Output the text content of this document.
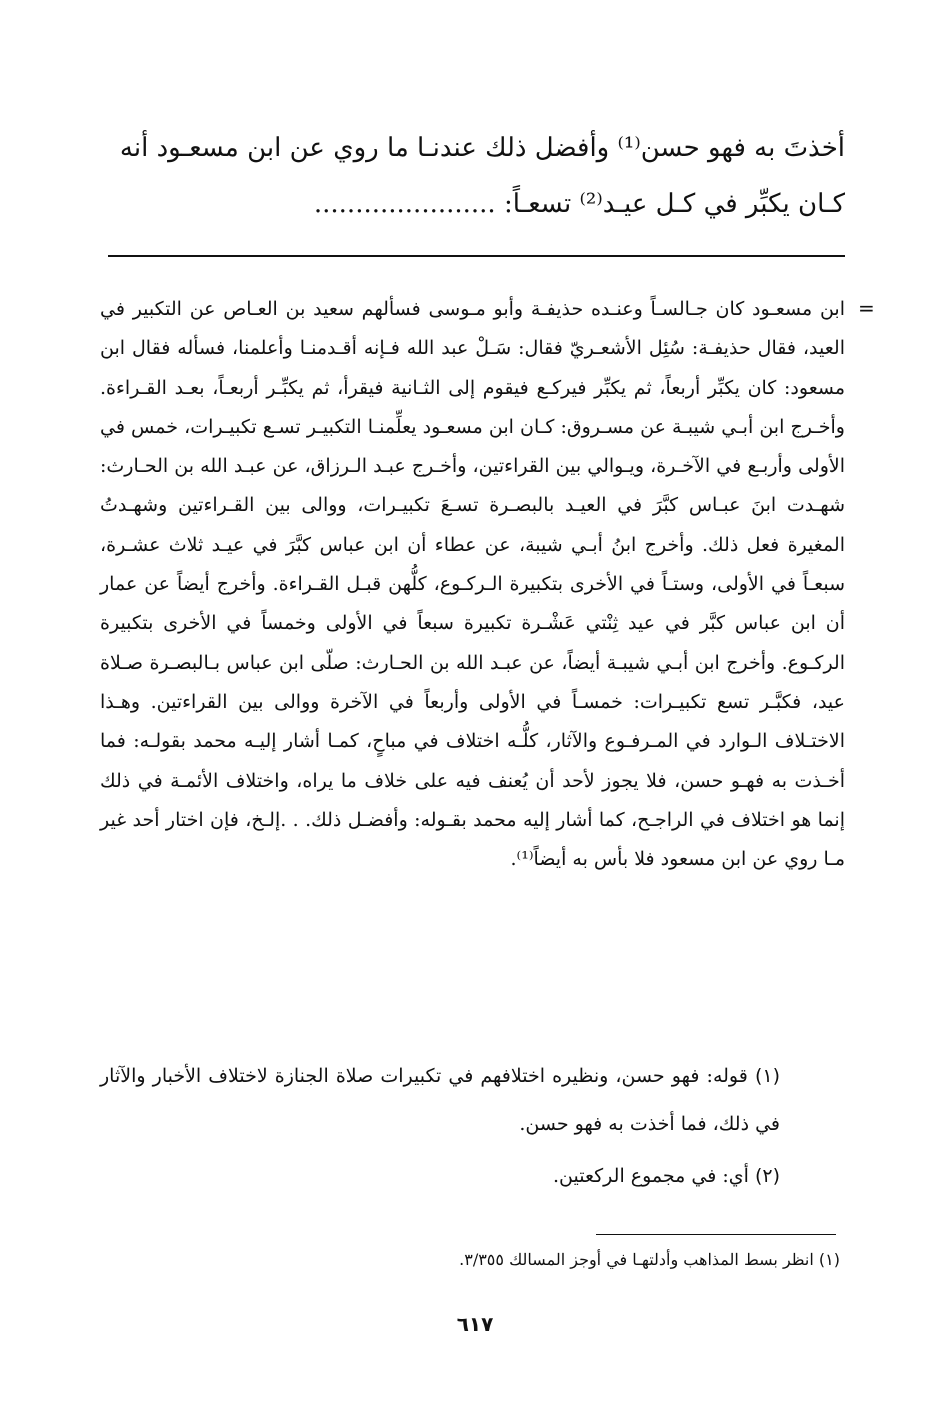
أخذتَ به فهو حسن⁽¹⁾ وأفضل ذلك عندنـا ما روي عن ابن مسعـود أنه
كـان يكبِّر في كـل عيـد⁽²⁾ تسعـاً: ......................
=
ابن مسعـود كان جـالسـاً وعنـده حذيفـة وأبو مـوسى فسألهم سعيد بن العـاص عن التكبير في العيد، فقال حذيفـة: سُئِل الأشعـريّ فقال: سَـلْ عبد الله فـإنه أقـدمنـا وأعلمنا، فسأله فقال ابن مسعود: كان يكبِّر أربعاً، ثم يكبِّر فيركـع فيقوم إلى الثـانية فيقرأ، ثم يكبِّـر أربعـاً، بعـد القـراءة. وأخـرج ابن أبـي شيبـة عن مسـروق: كـان ابن مسعـود يعلِّمنـا التكبيـر تسـع تكبيـرات، خمس في الأولى وأربـع في الآخـرة، ويـوالي بين القراءتين، وأخـرج عبـد الـرزاق، عن عبـد الله بن الحـارث: شهـدت ابنَ عبـاس كبَّرَ في العيـد بالبصـرة تسـعَ تكبيـرات، ووالى بين القـراءتين وشهـدتُ المغيرة فعل ذلك. وأخرج ابنُ أبـي شيبة، عن عطاء أن ابن عباس كبَّرَ في عيـد ثلاث عشـرة، سبعـاً في الأولى، وستـاً في الأخرى بتكبيرة الـركـوع، كلُّهن قبـل القـراءة. وأخرج أيضاً عن عمار أن ابن عباس كبَّر في عيد ثِنْتي عَشْـرة تكبيرة سبعاً في الأولى وخمساً في الأخرى بتكبيرة الركـوع. وأخرج ابن أبـي شيبـة أيضاً، عن عبـد الله بن الحـارث: صلّى ابن عباس بـالبصـرة صـلاة عيد، فكبَّـر تسع تكبيـرات: خمسـاً في الأولى وأربعاً في الآخرة ووالى بين القراءتين. وهـذا الاختـلاف الـوارد في المـرفـوع والآثار، كلُّـه اختلاف في مباحٍ، كمـا أشار إليـه محمد بقولـه: فما أخـذت به فهـو حسن، فلا يجوز لأحد أن يُعنف فيه على خلاف ما يراه، واختلاف الأئمـة في ذلك إنما هو اختلاف في الراجـح، كما أشار إليه محمد بقـوله: وأفضـل ذلك. . .إلـخ، فإن اختار أحد غير مـا روي عن ابن مسعود فلا بأس به أيضاً⁽¹⁾.
(١) قوله: فهو حسن، ونظيره اختلافهم في تكبيرات صلاة الجنازة لاختلاف الأخبار والآثار في ذلك، فما أخذت به فهو حسن.
(٢) أي: في مجموع الركعتين.
(١) انظر بسط المذاهب وأدلتهـا في أوجز المسالك ٣/٣٥٥.
٦١٧
